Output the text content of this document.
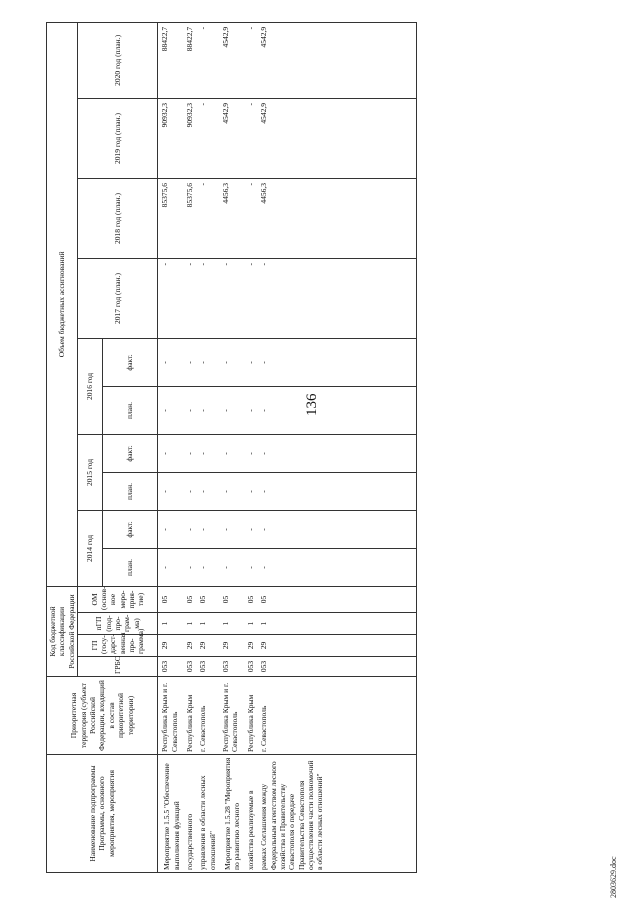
136
Наименование подпрограммы Программы, основного мероприятия, мероприятия	Приоритетная территория (субъект Российской Федерации, входящий в состав приоритетной территории)	Код бюджетной классификации Российской Федерации				Объем бюджетных ассигнований									
		ГРБС	ГП (госу-дарст-венная про-грамма)	пГП (под-про-грам-ма)	ОМ (основ-ное меро-прия-тие)	2014 год		2015 год		2016 год		2017 год (план.)	2018 год (план.)	2019 год (план.)	2020 год (план.)
						план.	факт.	план.	факт.	план.	факт.				
Мероприятие 1.5.5 "Обеспечение выполнения функций	Республика Крым и г. Севастополь	053	29	1	05	-	-	-	-	-	-	-	85375,6	90932,3	88422,7
государственного	Республика Крым	053	29	1	05	-	-	-	-	-	-	-	85375,6	90932,3	88422,7
управления в области лесных отношений"	г. Севастополь	053	29	1	05	-	-	-	-	-	-	-	-	-	-
Мероприятие 1.5.28 "Мероприятия по развитию лесного	Республика Крым и г. Севастополь	053	29	1	05	-	-	-	-	-	-	-	4456,3	4542,9	4542,9
хозяйства реализуемые в	Республика Крым	053	29	1	05	-	-	-	-	-	-	-	-	-	-
рамках Соглашения между Федеральным агентством лесного хозяйства и Правительству Севастополя о передаче Правительства Севастополя осуществления части полномочий в области лесных отношений"	г. Севастополь	053	29	1	05	-	-	-	-	-	-	-	4456,3	4542,9	4542,9
2803629.doc
